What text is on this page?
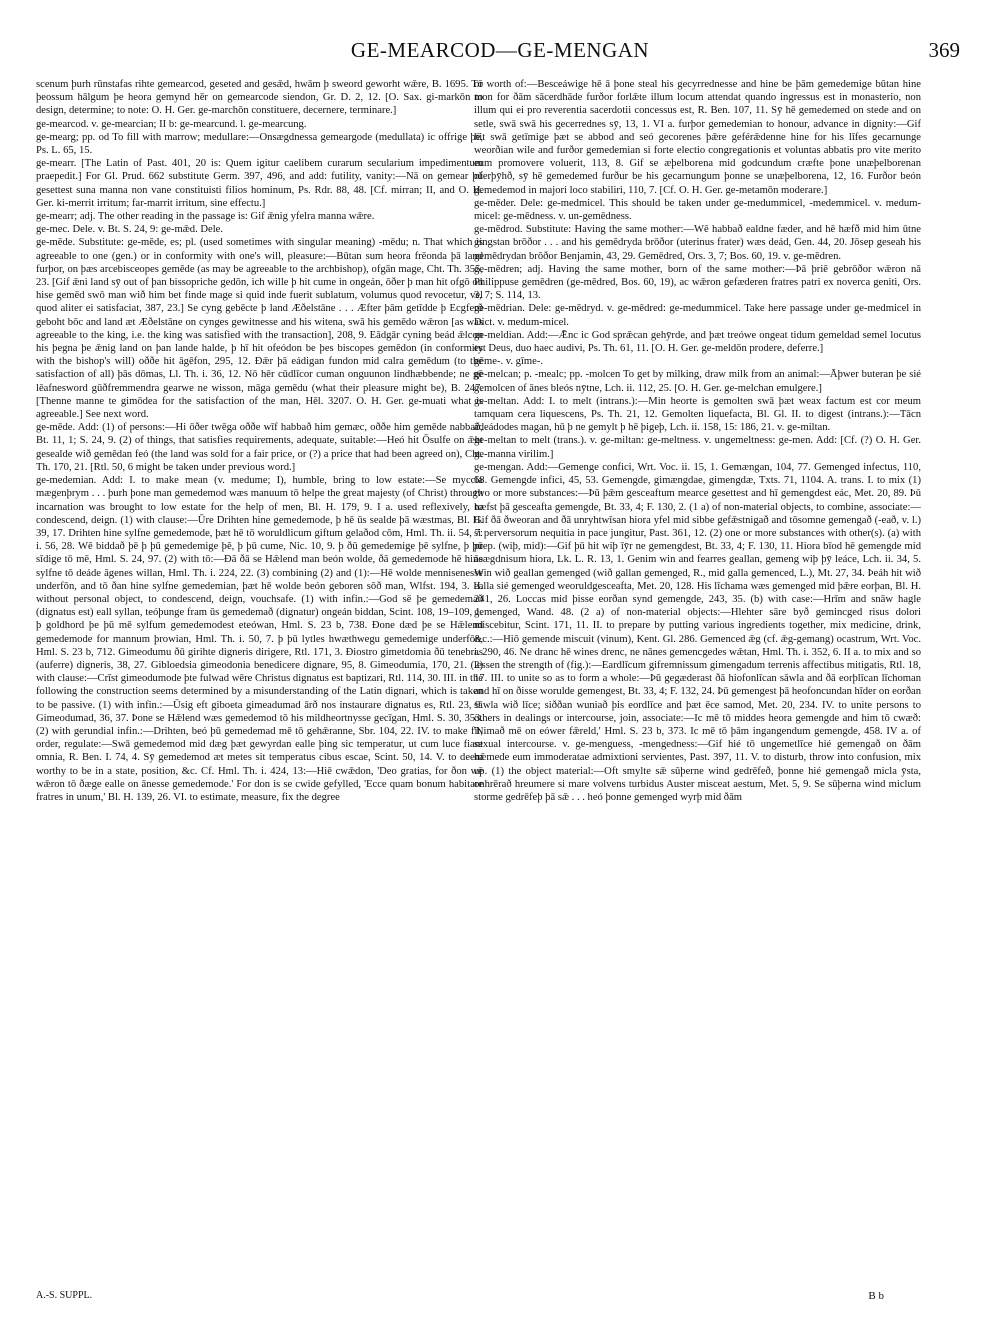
GE-MEARCOD—GE-MENGAN	369

scenum þurh rūnstafas rihte gemearcod, geseted and gesǣd, hwām þ sweord geworht wǣre, B. 1695. Tō þeossum hālgum þe heora gemynd hēr on gemearcode siendon, Gr. D. 2, 12. [O. Sax. gi-markōn to design, determine; to note: O. H. Ger. ge-marchōn constituere, decernere, terminare.]

ge-mearcod. v. ge-mearcian; II b: ge-mearcund. l. ge-mearcung.

ge-mearg; pp. od To fill with marrow; medullare:—Onsægdnessa gemeargode (medullata) ic offrige þē, Ps. L. 65, 15.

ge-mearr. [The Latin of Past. 401, 20 is: Quem igitur caelibem curarum secularium impedimentum praepedit.] For Gl. Prud. 662 substitute Germ. 397, 496, and add: futility, vanity:—Nā on gemear þū gesettest suna manna non vane constituisti filios hominum, Ps. Rdr. 88, 48. [Cf. mirran; II, and O. H. Ger. ki-merrit irritum; far-marrit irritum, sine effectu.]

ge-mearr; adj. The other reading in the passage is: Gif ǣnig yfelra manna wǣre.

ge-mec. Dele. v. Bt. S. 24, 9: ge-mǣd. Dele.

ge-mēde. Substitute: ge-mēde, es; pl. (used sometimes with singular meaning) -mēdu; n. That which is agreeable to one (gen.) or in conformity with one's will, pleasure:—Būtan sum heora frēonda þā land furþor, on þæs arcebisceopes gemēde (as may be agreeable to the archbishop), ofgān mage, Cht. Th. 355, 23. [Gif ǣni land sȳ out of þan bissopriche gedōn, ich wille þ hit cume in ongeán, ōðer þ man hit ofgō on hise gemēd swō man wið him bet finde mage si quid inde fuerit sublatum, volumus quod revocetur, vel quod aliter ei satisfaciat, 387, 23.] Se cyng gebēcte þ land Æðelstāne . . . Æfter þām getīdde þ Ecgferð geboht bōc and land æt Æðelstāne on cynges gewitnesse and his witena, swā his gemēdo wǣron [as was agreeable to the king, i.e. the king was satisfied with the transaction], 208, 9. Eādgār cyning beád ǣlcon his þegna þe ǣnig land on þan lande halde, þ hī hit ofeódon be þes biscopes gemēdon (in conformity with the bishop's will) oððe hit āgēfon, 295, 12. Ðǣr þā eádigan fundon mid calra gemēdum (to the satisfaction of all) þās dōmas, Ll. Th. i. 36, 12. Nō hēr cūdlīcor cuman onguunon lindhæbbende; ne gē lēafnesword gūðfremmendra gearwe ne wisson, māga gemēdu (what their pleasure might be), B. 247. [Thenne manne te gimōdea for the satisfaction of the man, Hēl. 3207. O. H. Ger. ge-muati what is agreeable.] See next word.

ge-mēde. Add: (1) of persons:—Hi ōðer twēga oððe wīf habbað him gemæc, oððe him gemēde nabbað, Bt. 11, 1; S. 24, 9. (2) of things, that satisfies requirements, adequate, suitable:—Heó hit Ōsulfe on ǣht gesealde wið gemēdan feó (the land was sold for a fair price, or (?) a price that had been agreed on), Cht. Th. 170, 21. [Rtl. 50, 6 might be taken under previous word.]

ge-medemian. Add: I. to make mean (v. medume; I), humble, bring to low estate:—Se myccla mægenþrym . . . þurh þone man gemedemod wæs manuum tō helpe the great majesty (of Christ) through incarnation was brought to low estate for the help of men, Bl. H. 179, 9. I a. used reflexively, to condescend, deign. (1) with clause:—Ūre Drihten hine gemedemode, þ hē ūs sealde þā wæstmas, Bl. H. 39, 17. Drihten hine sylfne gemedemode, þæt hē tō woruldlicum giftum gelaðod cōm, Hml. Th. ii. 54, 7: i. 56, 28. Wē biddað þē þ þū gemedemige þē, þ þū cume, Nic. 10, 9. þ ðū gemedemige þē sylfne, þ þū sīdige tō mē, Hml. S. 24, 97. (2) with tō:—Ðā ðā se Hǣlend man beón wolde, ðā gemedemode hē hine sylfne tō deáde āgenes willan, Hml. Th. i. 224, 22. (3) combining (2) and (1):—Hē wolde mennisenesse underfōn, and tō ðan hine sylfne gemedemian, þæt hē wolde beón geboren sōð man, Wlfst. 194, 3. II. without personal object, to condescend, deign, vouchsafe. (1) with infin.:—God sē þe gemedemað (dignatus est) eall syllan, teóþunge fram ūs gemedemað (dignatur) ongeán biddan, Scint. 108, 19–109, 1. þ goldhord þe þū mē sylfum gemedemodest eteówan, Hml. S. 23 b, 738. Ðone dæd þe se Hǣlend gemedemode for mannum þrowian, Hml. Th. i. 50, 7. þ þū lytles hwæthwegu gemedemige underfōn, Hml. S. 23 b, 712. Gimeodumu ðū girihte digneris dirigere, Rtl. 171, 3. Ðiostro gimetdomia ðū tenebras (auferre) digneris, 38, 27. Gibloedsia gimeodonia benedicere dignare, 95, 8. Gimeodumia, 170, 21. (2) with clause:—Crīst gimeodumode þte fulwad wēre Christus dignatus est baptizari, Rtl. 114, 30. III. in the following the construction seems determined by a misunderstanding of the Latin dignari, which is taken to be passive. (1) with infin.:—Ūsig eft giboeta gimeadumad ārð nos instaurare dignatus es, Rtl. 23, 9. Gimeodumad, 36, 37. Þone se Hǣlend wæs gemedemod tō his mildheortnysse gecīgan, Hml. S. 30, 353. (2) with gerundial infin.:—Drihten, beó þū gemedemad mē tō gehǣranne, Sbr. 104, 22. IV. to make fit, order, regulate:—Swā gemedemod mid dæg þæt gewyrdan ealle þing sic temperatur, ut cum luce fiant omnia, R. Ben. I. 74, 4. Sȳ gemedemod æt metes sit temperatus cibus escae, Scint. 50, 14. V. to deem worthy to be in a state, position, &c. Cf. Hml. Th. i. 424, 13:—Hiē cwǣdon, 'Deo gratias, for ðon wē wǣron tō ðæge ealle on ānesse gemedemode.' For don is se cwide gefylled, 'Ecce quam bonum habitare fratres in unum,' Bl. H. 139, 26. VI. to estimate, measure, fix the degree

or worth of:—Besceáwige hē ā þone steal his gecyrrednesse and hine be þām gemedemige būtan hine mon for ðām sācerdhāde furðor forlǣte illum locum attendat quando ingressus est in monasterio, non illum qui ei pro reverentia sacerdotii concessus est, R. Ben. 107, 11. Sȳ hē gemedemed on stede and on setle, swā swā his gecerrednes sȳ, 13, 1. VI a. furþor gemedemian to honour, advance in dignity:—Gif hit swā getīmige þæt se abbod and seó gecorenes þǣre geférǣdenne hine for his līfes gecarnunge weorðian wile and furðor gemedemian si forte electio congregationis et voluntas abbatis pro vite merito eum promovere voluerit, 113, 8. Gif se æþelborena mid godcundum cræfte þone unæþelborenan oferþȳhð, sȳ hē gemedemed furður be his gecarnungum þonne se unæþelborena, 12, 16. Furðor beón gemedemod in majori loco stabiliri, 110, 7. [Cf. O. H. Ger. ge-metamōn moderare.]

ge-mēder. Dele: ge-medmicel. This should be taken under ge-medummicel, -medemmicel. v. medum-micel: ge-mēdness. v. un-gemēdness.

ge-mēdrod. Substitute: Having the same mother:—Wē habbað ealdne fæder, and hē hæfð mid him ūtne gingstan brōðor . . . and his gemēdryda brōðor (uterinus frater) wæs deád, Gen. 44, 20. Jōsep geseah his gemēdrydan brōðor Benjamin, 43, 29. Gemēdred, Ors. 3, 7; Bos. 60, 19. v. ge-mēdren.

ge-mēdren; adj. Having the same mother, born of the same mother:—Þā þriē gebrōðor wǣron nā Philippuse gemēdren (ge-mēdred, Bos. 60, 19), ac wǣron gefæderen fratres patri ex noverca geniti, Ors. 3, 7; S. 114, 13.

ge-mēdrian. Dele: ge-mēdryd. v. ge-mēdred: ge-medummicel. Take here passage under ge-medmicel in Dict. v. medum-micel.

ge-meldian. Add:—Ǣnc ic God sprǣcan gehȳrde, and þæt treówe ongeat tidum gemeldad semel locutus est Deus, duo haec audivi, Ps. Th. 61, 11. [O. H. Ger. ge-meldōn prodere, deferre.]

gēme-. v. gīme-.

ge-melcan; p. -mealc; pp. -molcen To get by milking, draw milk from an animal:—Āþwer buteran þe sié gemolcen of ānes bleós nȳtne, Lch. ii. 112, 25. [O. H. Ger. ge-melchan emulgere.]

ge-meltan. Add: I. to melt (intrans.):—Min heorte is gemolten swā þæt weax factum est cor meum tamquam cera liquescens, Ps. Th. 21, 12. Gemolten liquefacta, Bl. Gl. II. to digest (intrans.):—Tācn ādeádodes magan, hū þ ne gemylt þ hē þigeþ, Lch. ii. 158, 15: 186, 21. v. ge-miltan.

ge-meltan to melt (trans.). v. ge-miltan: ge-meltness. v. ungemeltness: ge-men. Add: [Cf. (?) O. H. Ger. ge-manna virilim.]

ge-mengan. Add:—Gemenge confici, Wrt. Voc. ii. 15, 1. Gemængan, 104, 77. Gemenged infectus, 110, 68. Gemengde infici, 45, 53. Gemengde, gimængdae, gimengdæ, Txts. 71, 1104. A. trans. I. to mix (1) two or more substances:—Þū þǣm gesceaftum mearce gesettest and hī gemengdest eác, Met. 20, 89. Þū hæfst þā gesceafta gemengde, Bt. 33, 4; F. 130, 2. (1 a) of non-material objects, to combine, associate:—Gif ðā ðweoran and ðā unryhtwīsan hiora yfel mid sibbe gefǣstnigað and tōsomne gemengað (-eað, v. l.) si perversorum nequitia in pace jungitur, Past. 361, 12. (2) one or more substances with other(s). (a) with prep. (wiþ, mid):—Gif þū hit wiþ īȳr ne gemengdest, Bt. 33, 4; F. 130, 11. Hiora bīod hē gemengde mid āsægdnisum hiora, Lk. L. R. 13, 1. Genim win and fearres geallan, gemeng wiþ þȳ leáce, Lch. ii. 34, 5. Win wið geallan gemenged (wið gallan gemenged, R., mid galla gemenced, L.), Mt. 27, 34. Þeáh hit wið ealla sié gemenged weoruldgesceafta, Met. 20, 128. His līchama wæs gemenged mid þǣre eorþan, Bl. H. 241, 26. Loccas mid þisse eorðan synd gemengde, 243, 35. (b) with case:—Hrīm and snāw hagle gemenged, Wand. 48. (2 a) of non-material objects:—Hlehter sāre byð gemincged risus dolori miscebitur, Scint. 171, 11. II. to prepare by putting various ingredients together, mix medicine, drink, &c.:—Hiō gemende miscuit (vinum), Kent. Gl. 286. Gemenced ǣg (cf. ǣg-gemang) ocastrum, Wrt. Voc. i. 290, 46. Ne dranc hē wines drenc, ne nānes gemencgedes wǣtan, Hml. Th. i. 352, 6. II a. to mix and so lessen the strength of (fig.):—Eardlīcum gifremnissum gimengadum terrenis affectibus mitigatis, Rtl. 18, 17. III. to unite so as to form a whole:—Þū gegæderast ðā hiofonlīcan sāwla and ðā eorþlīcan līchoman and hī on ðisse worulde gemengest, Bt. 33, 4; F. 132, 24. Þū gemengest þā heofoncundan hīder on eorðan sāwla wið līce; siððan wuniað þis eordlīce and þæt ēce samod, Met. 20, 234. IV. to unite persons to others in dealings or intercourse, join, associate:—Ic mē tō middes heora gemengde and him tō cwæð: 'Nimað mē on eówer fǣreld,' Hml. S. 23 b, 373. Ic mē tō þām ingangendum gemengde, 458. IV a. of sexual intercourse. v. ge-menguess, -mengedness:—Gif hié tō ungemetlīce hié gemengað on ðām hǣmede eum immoderatae admixtioni servientes, Past. 397, 11. V. to disturb, throw into confusion, mix up. (1) the object material:—Oft smylte sǣ sūþerne wind gedrēfeð, þonne hié gemengað micla ȳsta, onhrērað hreumere si mare volvens turbidus Auster misceat aestum, Met. 5, 9. Se sūþerna wind miclum storme gedrēfeþ þā sǣ . . . heó þonne gemenged wyrþ mid ðām

A.-S. SUPPL.	B b
